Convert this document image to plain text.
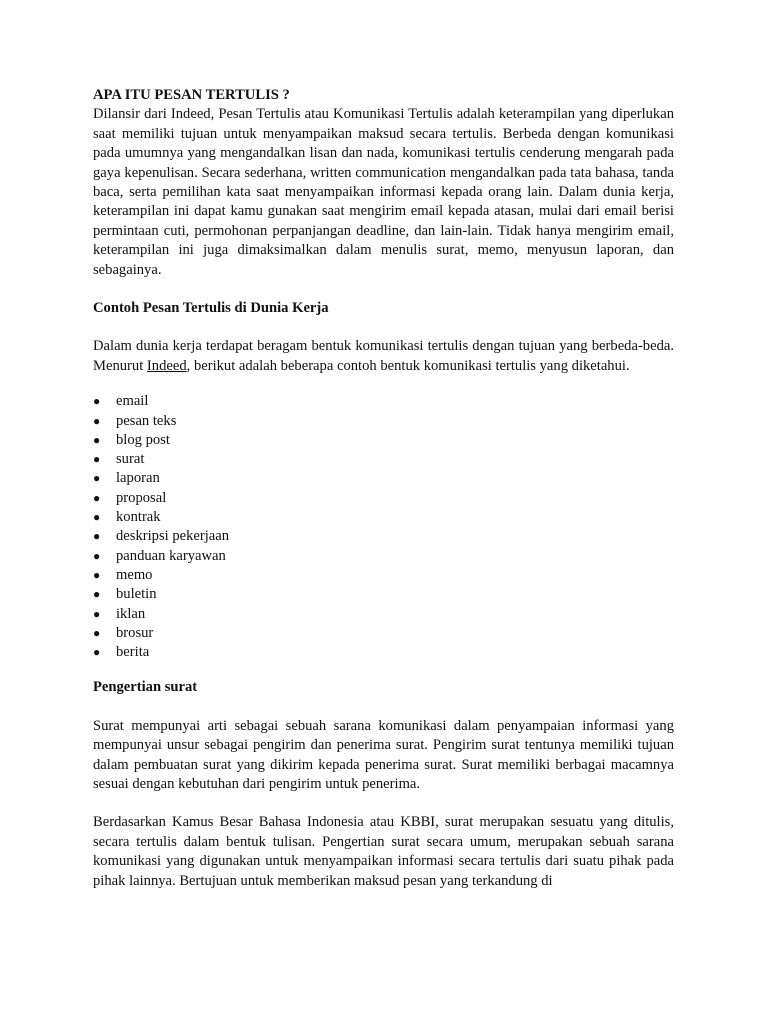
APA ITU PESAN TERTULIS ?

Dilansir dari Indeed, Pesan Tertulis atau Komunikasi Tertulis adalah keterampilan yang diperlukan saat memiliki tujuan untuk menyampaikan maksud secara tertulis. Berbeda dengan komunikasi pada umumnya yang mengandalkan lisan dan nada, komunikasi tertulis cenderung mengarah pada gaya kepenulisan. Secara sederhana, written communication mengandalkan pada tata bahasa, tanda baca, serta pemilihan kata saat menyampaikan informasi kepada orang lain. Dalam dunia kerja, keterampilan ini dapat kamu gunakan saat mengirim email kepada atasan, mulai dari email berisi permintaan cuti, permohonan perpanjangan deadline, dan lain-lain. Tidak hanya mengirim email, keterampilan ini juga dimaksimalkan dalam menulis surat, memo, menyusun laporan, dan sebagainya.

Contoh Pesan Tertulis di Dunia Kerja

Dalam dunia kerja terdapat beragam bentuk komunikasi tertulis dengan tujuan yang berbeda-beda. Menurut Indeed, berikut adalah beberapa contoh bentuk komunikasi tertulis yang diketahui.

● email
● pesan teks
● blog post
● surat
● laporan
● proposal
● kontrak
● deskripsi pekerjaan
● panduan karyawan
● memo
● buletin
● iklan
● brosur
● berita
Pengertian surat

Surat mempunyai arti sebagai sebuah sarana komunikasi dalam penyampaian informasi yang mempunyai unsur sebagai pengirim dan penerima surat. Pengirim surat tentunya memiliki tujuan dalam pembuatan surat yang dikirim kepada penerima surat. Surat memiliki berbagai macamnya sesuai dengan kebutuhan dari pengirim untuk penerima.

Berdasarkan Kamus Besar Bahasa Indonesia atau KBBI, surat merupakan sesuatu yang ditulis, secara tertulis dalam bentuk tulisan. Pengertian surat secara umum, merupakan sebuah sarana komunikasi yang digunakan untuk menyampaikan informasi secara tertulis dari suatu pihak pada pihak lainnya. Bertujuan untuk memberikan maksud pesan yang terkandung di
